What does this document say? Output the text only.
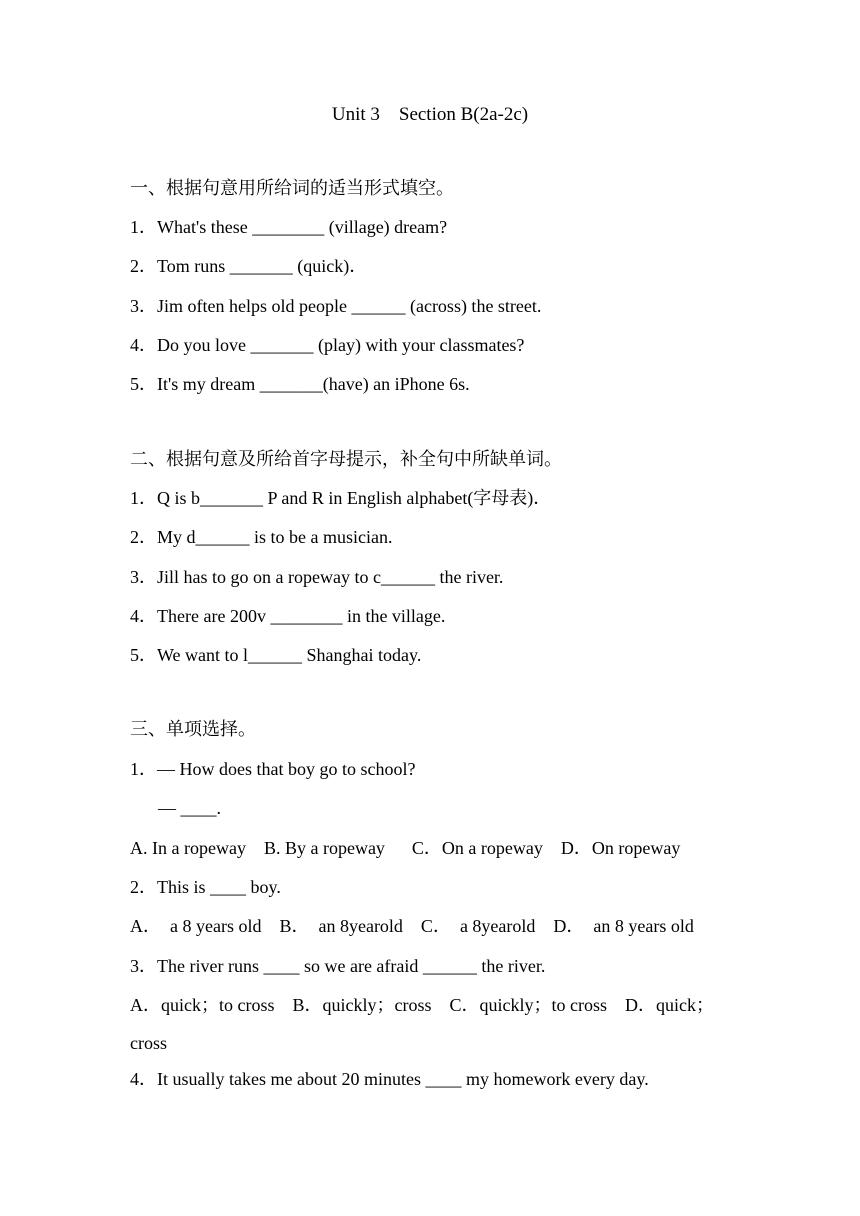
Unit 3    Section B(2a-2c)
一、根据句意用所给词的适当形式填空。
1．What's these ________ (village) dream?
2．Tom runs _______ (quick)．
3．Jim often helps old people ______ (across) the street.
4．Do you love _______ (play) with your classmates?
5．It's my dream _______(have) an iPhone 6s.
二、根据句意及所给首字母提示，补全句中所缺单词。
1．Q is b_______ P and R in English alphabet(字母表)．
2．My d______ is to be a musician.
3．Jill has to go on a ropeway to c______ the river.
4．There are 200v ________ in the village.
5．We want to l______ Shanghai today.
三、单项选择。
1．— How does that boy go to school?
— ____.
A. In a ropeway    B. By a ropeway      C．On a ropeway    D．On ropeway
2．This is ____ boy.
A．  a 8 years old    B．  an 8yearold    C．  a 8yearold    D．  an 8 years old
3．The river runs ____ so we are afraid ______ the river.
A．quick；to cross    B．quickly；cross    C．quickly；to cross    D．quick；
cross
4．It usually takes me about 20 minutes ____ my homework every day.
